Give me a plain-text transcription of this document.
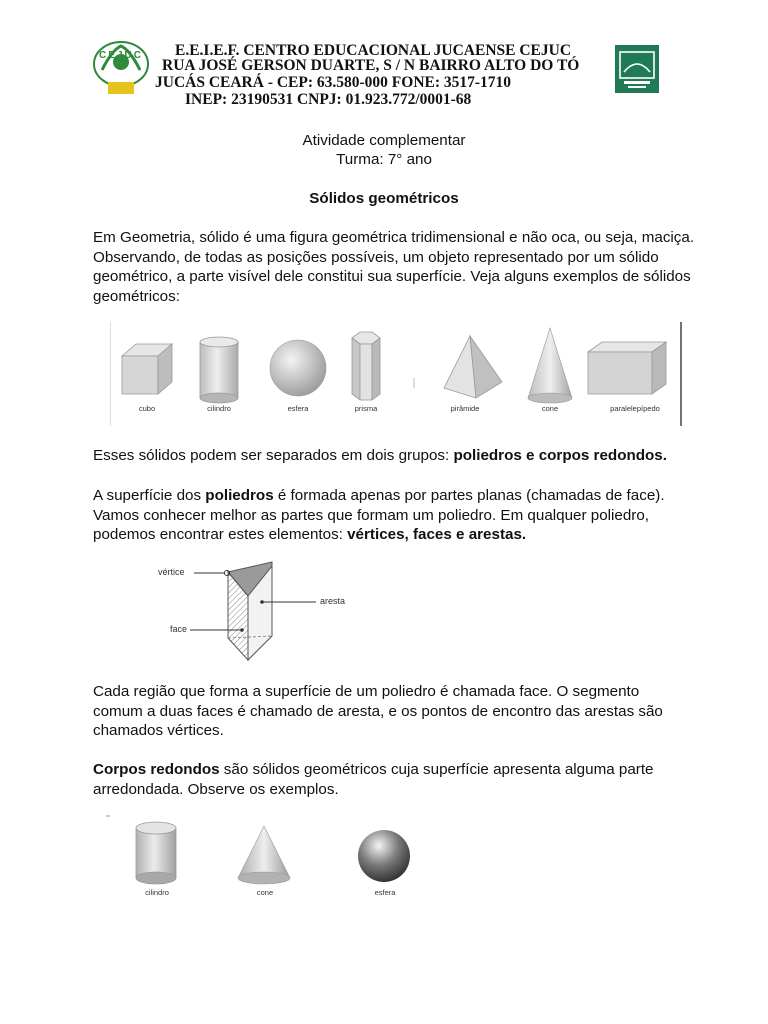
CEJUC	E.E.I.E.F. CENTRO EDUCACIONAL JUCAENSE CEJUC
RUA JOSÉ GERSON DUARTE, S / N BAIRRO ALTO DO TÓ
JUCÁS CEARÁ - CEP: 63.580-000 FONE: 3517-1710
INEP: 23190531 CNPJ: 01.923.772/0001-68
Atividade complementar
Turma: 7° ano
Sólidos geométricos
Em Geometria, sólido é uma figura geométrica tridimensional e não oca, ou seja, maciça. Observando, de todas as posições possíveis, um objeto representado por um sólido geométrico, a parte visível dele constitui sua superfície. Veja alguns exemplos de sólidos geométricos:
cubo	cilindro	esfera	prisma	pirâmide	cone	paralelepípedo
Esses sólidos podem ser separados em dois grupos: poliedros e corpos redondos.
A superfície dos poliedros é formada apenas por partes planas (chamadas de face). Vamos conhecer melhor as partes que formam um poliedro. Em qualquer poliedro, podemos encontrar estes elementos: vértices, faces e arestas.
vértice
aresta
face
Cada região que forma a superfície de um poliedro é chamada face. O segmento comum a duas faces é chamado de aresta, e os pontos de encontro das arestas são chamados vértices.
Corpos redondos são sólidos geométricos cuja superfície apresenta alguma parte arredondada. Observe os exemplos.
cilindro	cone	esfera
